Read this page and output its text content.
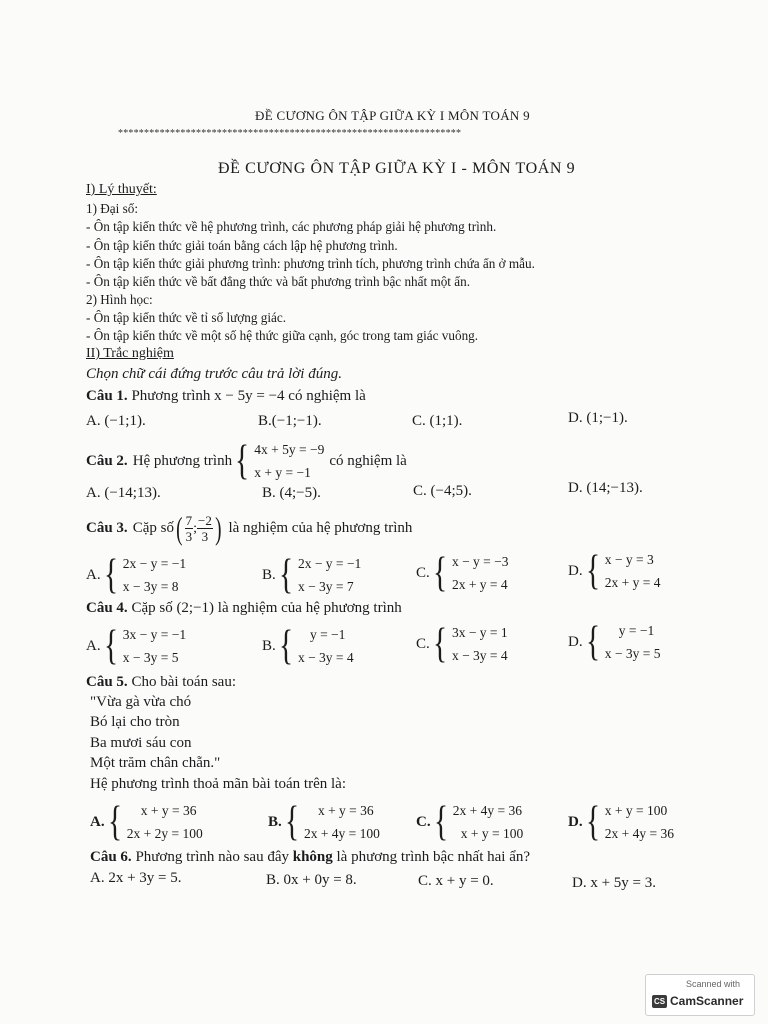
ĐỀ CƯƠNG ÔN TẬP GIỮA KỲ I MÔN TOÁN 9
******************************************************************
ĐỀ CƯƠNG ÔN TẬP GIỮA KỲ I - MÔN TOÁN 9
I) Lý thuyết:
1) Đại số:
- Ôn tập kiến thức về hệ phương trình, các phương pháp giải hệ phương trình.
- Ôn tập kiến thức giải toán bằng cách lập hệ phương trình.
- Ôn tập kiến thức giải phương trình: phương trình tích, phương trình chứa ẩn ở mẫu.
- Ôn tập kiến thức về bất đẳng thức và bất phương trình bậc nhất một ẩn.
2) Hình học:
- Ôn tập kiến thức về tỉ số lượng giác.
- Ôn tập kiến thức về một số hệ thức giữa cạnh, góc trong tam giác vuông.
II) Trắc nghiệm
Chọn chữ cái đứng trước câu trả lời đúng.
Câu 1. Phương trình x − 5y = −4 có nghiệm là
A. (−1;1).	B.(−1;−1).	C. (1;1).	D. (1;−1).
Câu 2. Hệ phương trình { 4x + 5y = −9
x + y = −1
có nghiệm là
A. (−14;13).	B. (4;−5).	C. (−4;5).	D. (14;−13).
Câu 3. Cặp số ( $\frac{7}{3}$ ; $\frac{-2}{3}$ ) là nghiệm của hệ phương trình
A. { 2x − y = −1
x − 3y = 8
B. { 2x − y = −1
x − 3y = 7
C. { x − y = −3
2x + y = 4
D. { x − y = 3
2x + y = 4
Câu 4. Cặp số (2;−1) là nghiệm của hệ phương trình
A. { 3x − y = −1
x − 3y = 5
B. {	y = −1
x − 3y = 4
C. { 3x − y = 1
x − 3y = 4
D. {	y = −1
x − 3y = 5
Câu 5. Cho bài toán sau:
"Vừa gà vừa chó
Bó lại cho tròn
Ba mươi sáu con
Một trăm chân chẵn."
Hệ phương trình thoả mãn bài toán trên là:
A. {	x + y = 36
2x + 2y = 100
B. {	x + y = 36
2x + 4y = 100
C. { 2x + 4y = 36
x + y = 100
D. { x + y = 100
2x + 4y = 36
Câu 6. Phương trình nào sau đây không là phương trình bậc nhất hai ẩn?
A. 2x + 3y = 5.	B. 0x + 0y = 8.	C. x + y = 0.	D. x + 5y = 3.
Scanned with
CS CamScanner
